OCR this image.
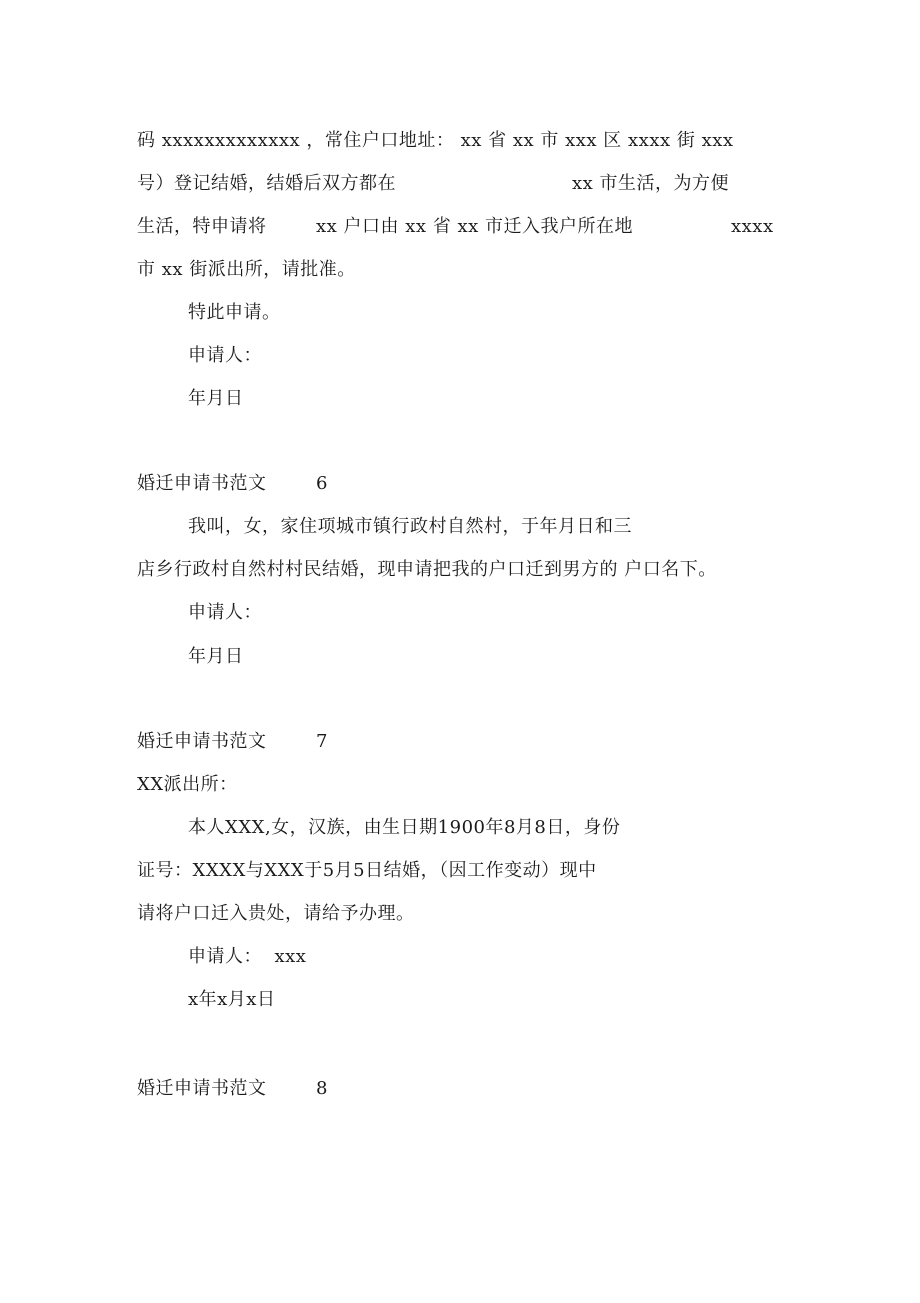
码 xxxxxxxxxxxxx ，常住户口地址： xx 省 xx 市 xxx 区 xxxx 街 xxx
号）登记结婚，结婚后双方都在	xx 市生活，为方便
生活，特申请将	xx 户口由 xx 省 xx 市迁入我户所在地	xxxx
市 xx 街派出所，请批准。
特此申请。
申请人：
年月日
婚迁申请书范文	6
我叫，女，家住项城市镇行政村自然村，于年月日和三
店乡行政村自然村村民结婚，现申请把我的户口迁到男方的 户口名下。
申请人：
年月日
婚迁申请书范文	7
XX派出所：
本人XXX,女，汉族，由生日期1900年8月8日，身份
证号：XXXX与XXX于5月5日结婚，（因工作变动）现中
请将户口迁入贵处，请给予办理。
申请人：  xxx
x年x月x日
婚迁申请书范文	8
